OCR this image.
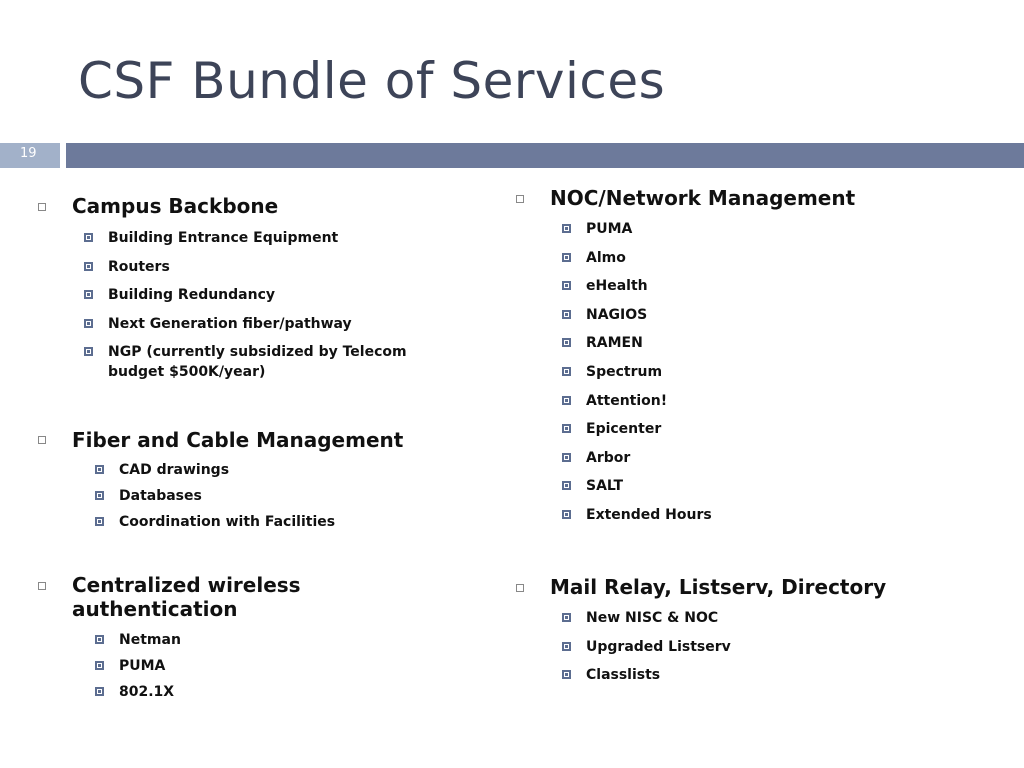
CSF Bundle of Services
19
Campus Backbone
Building Entrance Equipment
Routers
Building Redundancy
Next Generation fiber/pathway
NGP (currently subsidized by Telecom budget $500K/year)
Fiber and Cable Management
CAD drawings
Databases
Coordination with Facilities
Centralized wireless authentication
Netman
PUMA
802.1X
NOC/Network Management
PUMA
Almo
eHealth
NAGIOS
RAMEN
Spectrum
Attention!
Epicenter
Arbor
SALT
Extended Hours
Mail Relay, Listserv, Directory
New NISC & NOC
Upgraded Listserv
Classlists
